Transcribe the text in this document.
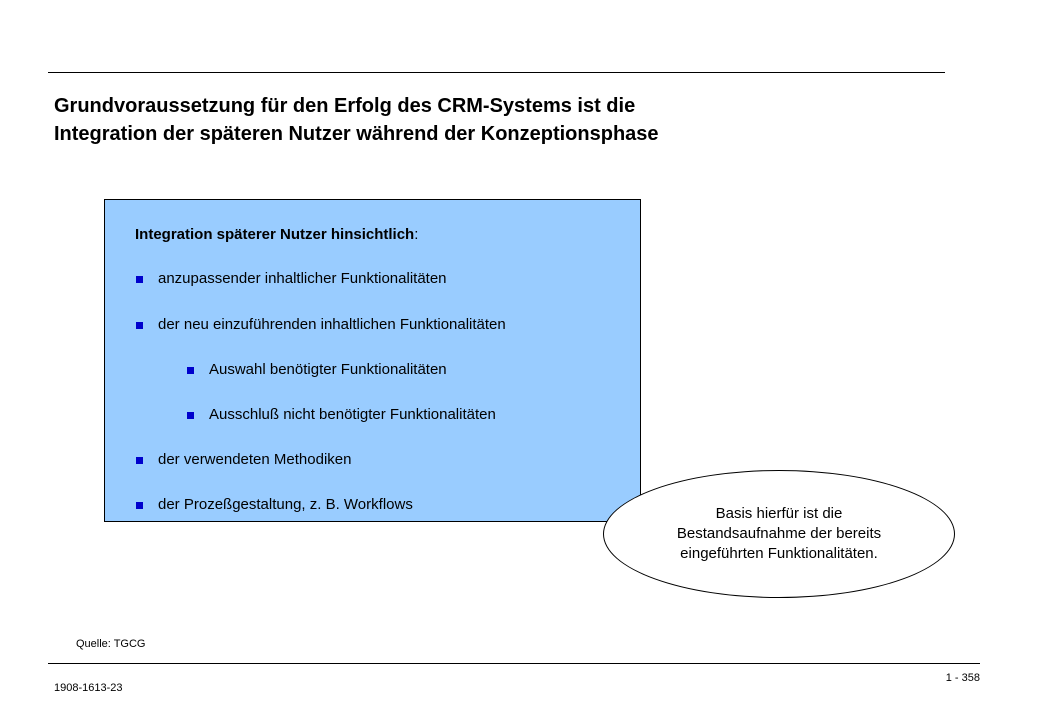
Grundvoraussetzung für den Erfolg des CRM-Systems ist die
Integration der späteren Nutzer während der Konzeptionsphase
Integration späterer Nutzer hinsichtlich:
anzupassender inhaltlicher Funktionalitäten
der neu einzuführenden inhaltlichen Funktionalitäten
Auswahl benötigter Funktionalitäten
Ausschluß nicht benötigter Funktionalitäten
der verwendeten Methodiken
der Prozeßgestaltung, z. B. Workflows
Basis hierfür ist die
Bestandsaufnahme der bereits
eingeführten Funktionalitäten.
Quelle: TGCG
1908-1613-23
1 - 358
